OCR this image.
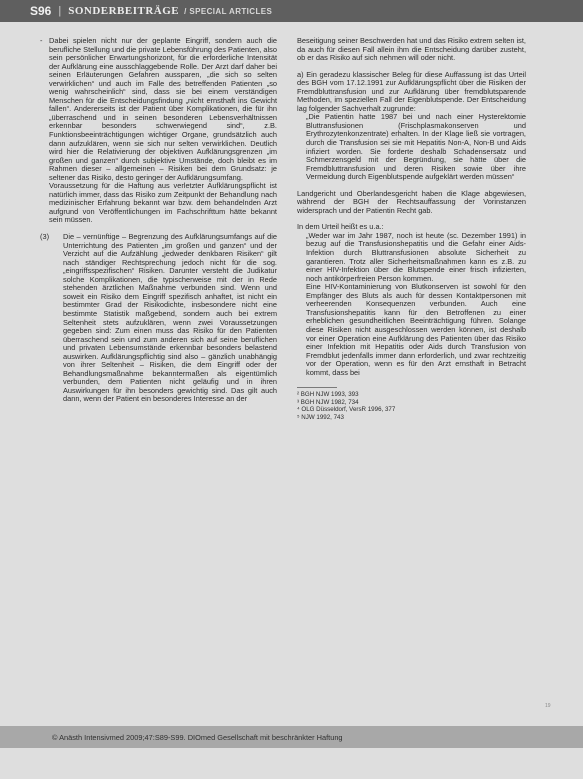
S96 | SONDERBEITRÄGE / SPECIAL ARTICLES
- Dabei spielen nicht nur der geplante Eingriff, sondern auch die berufliche Stellung und die private Lebensführung des Patienten, also sein persönlicher Erwartungshorizont, für die erforderliche Intensität der Aufklärung eine ausschlaggebende Rolle. Der Arzt darf daher bei seinen Erläuterungen Gefahren aussparen, „die sich so selten verwirklichen“ und auch im Falle des betreffenden Patienten „so wenig wahrscheinlich“ sind, dass sie bei einem verständigen Menschen für die Entscheidungsfindung „nicht ernsthaft ins Gewicht fallen“. Andererseits ist der Patient über Komplikationen, die für ihn „überraschend und in seinen besonderen Lebensverhältnissen erkennbar besonders schwerwiegend sind“, z.B. Funktionsbeeinträchtigungen wichtiger Organe, grundsätzlich auch dann aufzuklären, wenn sie sich nur selten verwirklichen. Deutlich wird hier die Relativierung der objektiven Aufklärungsgrenzen „im großen und ganzen“ durch subjektive Umstände, doch bleibt es im Rahmen dieser – allgemeinen – Risiken bei dem Grundsatz: je seltener das Risiko, desto geringer der Aufklärungsumfang.

Voraussetzung für die Haftung aus verletzter Aufklärungspflicht ist natürlich immer, dass das Risiko zum Zeitpunkt der Behandlung nach medizinischer Erfahrung bekannt war bzw. dem behandelnden Arzt aufgrund von Veröffentlichungen im Fachschrifttum hätte bekannt sein müssen.

(3) Die – vernünftige – Begrenzung des Aufklärungsumfangs auf die Unterrichtung des Patienten „im großen und ganzen“ und der Verzicht auf die Aufzählung „jedweder denkbaren Risiken“ gilt nach ständiger Rechtsprechung jedoch nicht für die sog. „eingriffsspezifischen“ Risiken. Darunter versteht die Judikatur solche Komplikationen, die typischerweise mit der in Rede stehenden ärztlichen Maßnahme verbunden sind. Wenn und soweit ein Risiko dem Eingriff spezifisch anhaftet, ist nicht ein bestimmter Grad der Risikodichte, insbesondere nicht eine bestimmte Statistik maßgebend, sondern auch bei extrem Seltenheit stets aufzuklären, wenn zwei Voraussetzungen gegeben sind: Zum einen muss das Risiko für den Patienten überraschend sein und zum anderen sich auf seine beruflichen und privaten Lebensumstände erkennbar besonders belastend auswirken. Aufklärungspflichtig sind also – gänzlich unabhängig von ihrer Seltenheit – Risiken, die dem Eingriff oder der Behandlungsmaßnahme bekanntermaßen als eigentümlich verbunden, dem Patienten nicht geläufig und in ihren Auswirkungen für ihn besonders gewichtig sind. Das gilt auch dann, wenn der Patient ein besonderes Interesse an der

Beseitigung seiner Beschwerden hat und das Risiko extrem selten ist, da auch für diesen Fall allein ihm die Entscheidung darüber zusteht, ob er das Risiko auf sich nehmen will oder nicht.

a) Ein geradezu klassischer Beleg für diese Auffassung ist das Urteil des BGH vom 17.12.1991 zur Aufklärungspflicht über die Risiken der Fremdbluttransfusion und zur Aufklärung über fremdblutsparende Methoden, im speziellen Fall der Eigenblutspende. Der Entscheidung lag folgender Sachverhalt zugrunde:

„Die Patientin hatte 1987 bei und nach einer Hysterektomie Bluttransfusionen (Frischplasmakonserven und Erythrozytenkonzentrate) erhalten. In der Klage ließ sie vortragen, durch die Transfusion sei sie mit Hepatitis Non-A, Non-B und Aids infiziert worden. Sie forderte deshalb Schadensersatz und Schmerzensgeld mit der Begründung, sie hätte über die Fremdbluttransfusion und deren Risiken sowie über ihre Vermeidung durch Eigenblutspende aufgeklärt werden müssen“

Landgericht und Oberlandesgericht haben die Klage abgewiesen, während der BGH der Rechtsauffassung der Vorinstanzen widersprach und der Patientin Recht gab.

In dem Urteil heißt es u.a.:

„Weder war im Jahr 1987, noch ist heute (sc. Dezember 1991) in bezug auf die Transfusionshepatitis und die Gefahr einer Aids-Infektion durch Bluttransfusionen absolute Sicherheit zu garantieren. Trotz aller Sicherheitsmaßnahmen kann es z.B. zu einer HIV-Infektion über die Blutspende einer frisch infizierten, noch antikörperfreien Person kommen.

Eine HIV-Kontaminierung von Blutkonserven ist sowohl für den Empfänger des Bluts als auch für dessen Kontaktpersonen mit verheerenden Konsequenzen verbunden. Auch eine Transfusionshepatitis kann für den Betroffenen zu einer erheblichen gesundheitlichen Beeinträchtigung führen. Solange diese Risiken nicht ausgeschlossen werden können, ist deshalb vor einer Operation eine Aufklärung des Patienten über das Risiko einer Infektion mit Hepatitis oder Aids durch Transfusion von Fremdblut jedenfalls immer dann erforderlich, und zwar rechtzeitig vor der Operation, wenn es für den Arzt ernsthaft in Betracht kommt, dass bei

² BGH NJW 1993, 393
³ BGH NJW 1982, 734
⁴ OLG Düsseldorf, VersR 1996, 377
⁵ NJW 1992, 743
19
© Anästh Intensivmed 2009;47:S89-S99. DIOmed Gesellschaft mit beschränkter Haftung
